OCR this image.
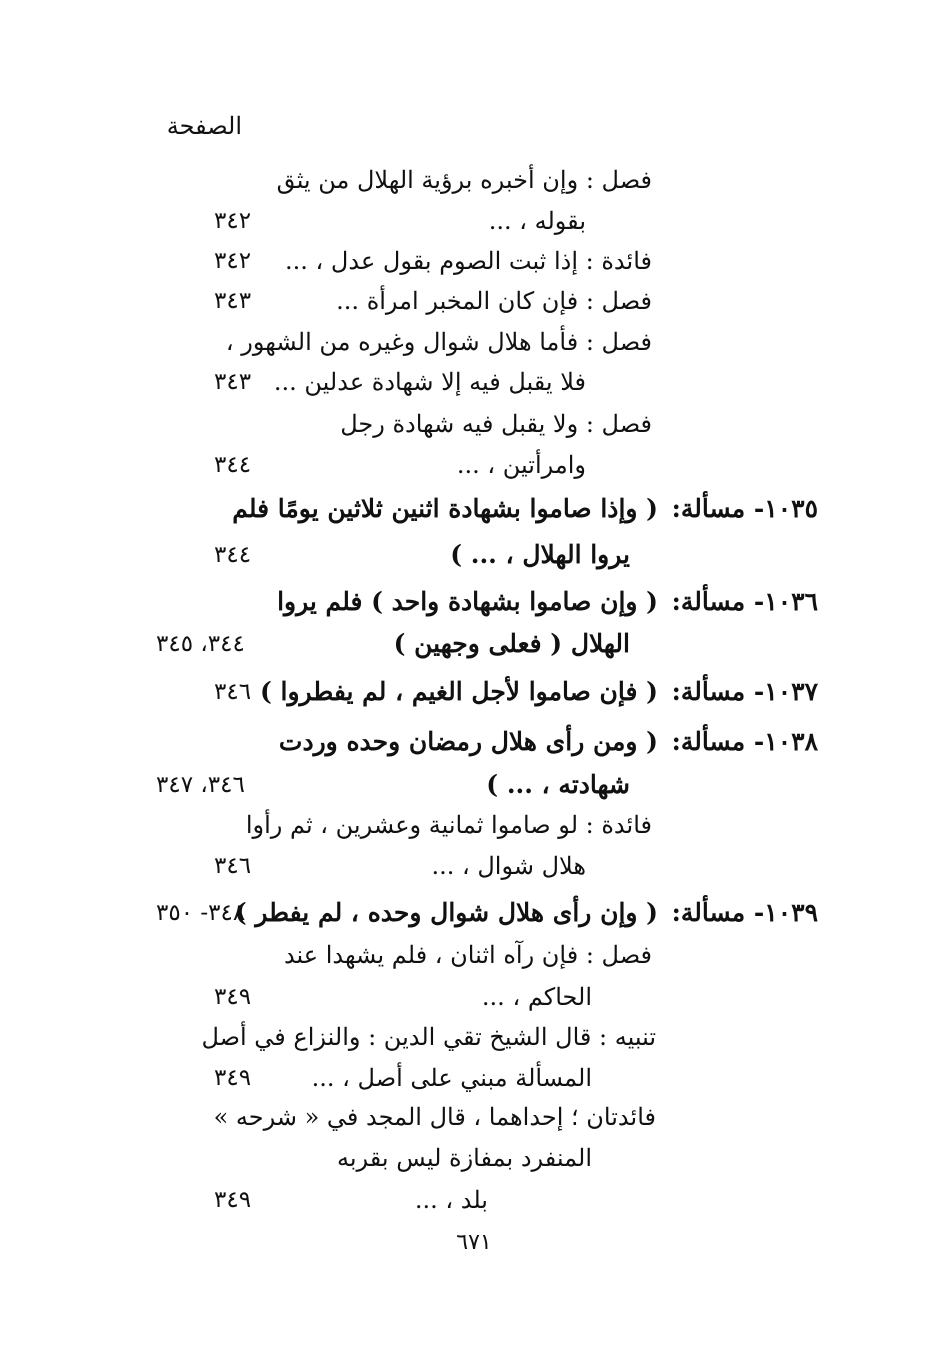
الصفحة
فصل : وإن أخبره برؤية الهلال من يثق
بقوله ، ...
٣٤٢
فائدة : إذا ثبت الصوم بقول عدل ، ...
٣٤٢
فصل : فإن كان المخبر امرأة ...
٣٤٣
فصل : فأما هلال شوال وغيره من الشهور ،
فلا يقبل فيه إلا شهادة عدلين ...
٣٤٣
فصل : ولا يقبل فيه شهادة رجل
وامرأتين ، ...
٣٤٤
١٠٣٥- مسألة:
( وإذا صاموا بشهادة اثنين ثلاثين يومًا فلم
يروا الهلال ، ... )
٣٤٤
١٠٣٦- مسألة:
( وإن صاموا بشهادة واحد ) فلم يروا
الهلال ( فعلى وجهين )
٣٤٤، ٣٤٥
١٠٣٧- مسألة:
( فإن صاموا لأجل الغيم ، لم يفطروا )
٣٤٦
١٠٣٨- مسألة:
( ومن رأى هلال رمضان وحده وردت
شهادته ، ... )
٣٤٦، ٣٤٧
فائدة : لو صاموا ثمانية وعشرين ، ثم رأوا
هلال شوال ، ...
٣٤٦
١٠٣٩- مسألة:
( وإن رأى هلال شوال وحده ، لم يفطر )
٣٤٨- ٣٥٠
فصل : فإن رآه اثنان ، فلم يشهدا عند
الحاكم ، ...
٣٤٩
تنبيه : قال الشيخ تقي الدين : والنزاع في أصل
المسألة مبني على أصل ، ...
٣٤٩
فائدتان ؛ إحداهما ، قال المجد في « شرحه »
المنفرد بمفازة ليس بقربه
بلد ، ...
٣٤٩
٦٧١
